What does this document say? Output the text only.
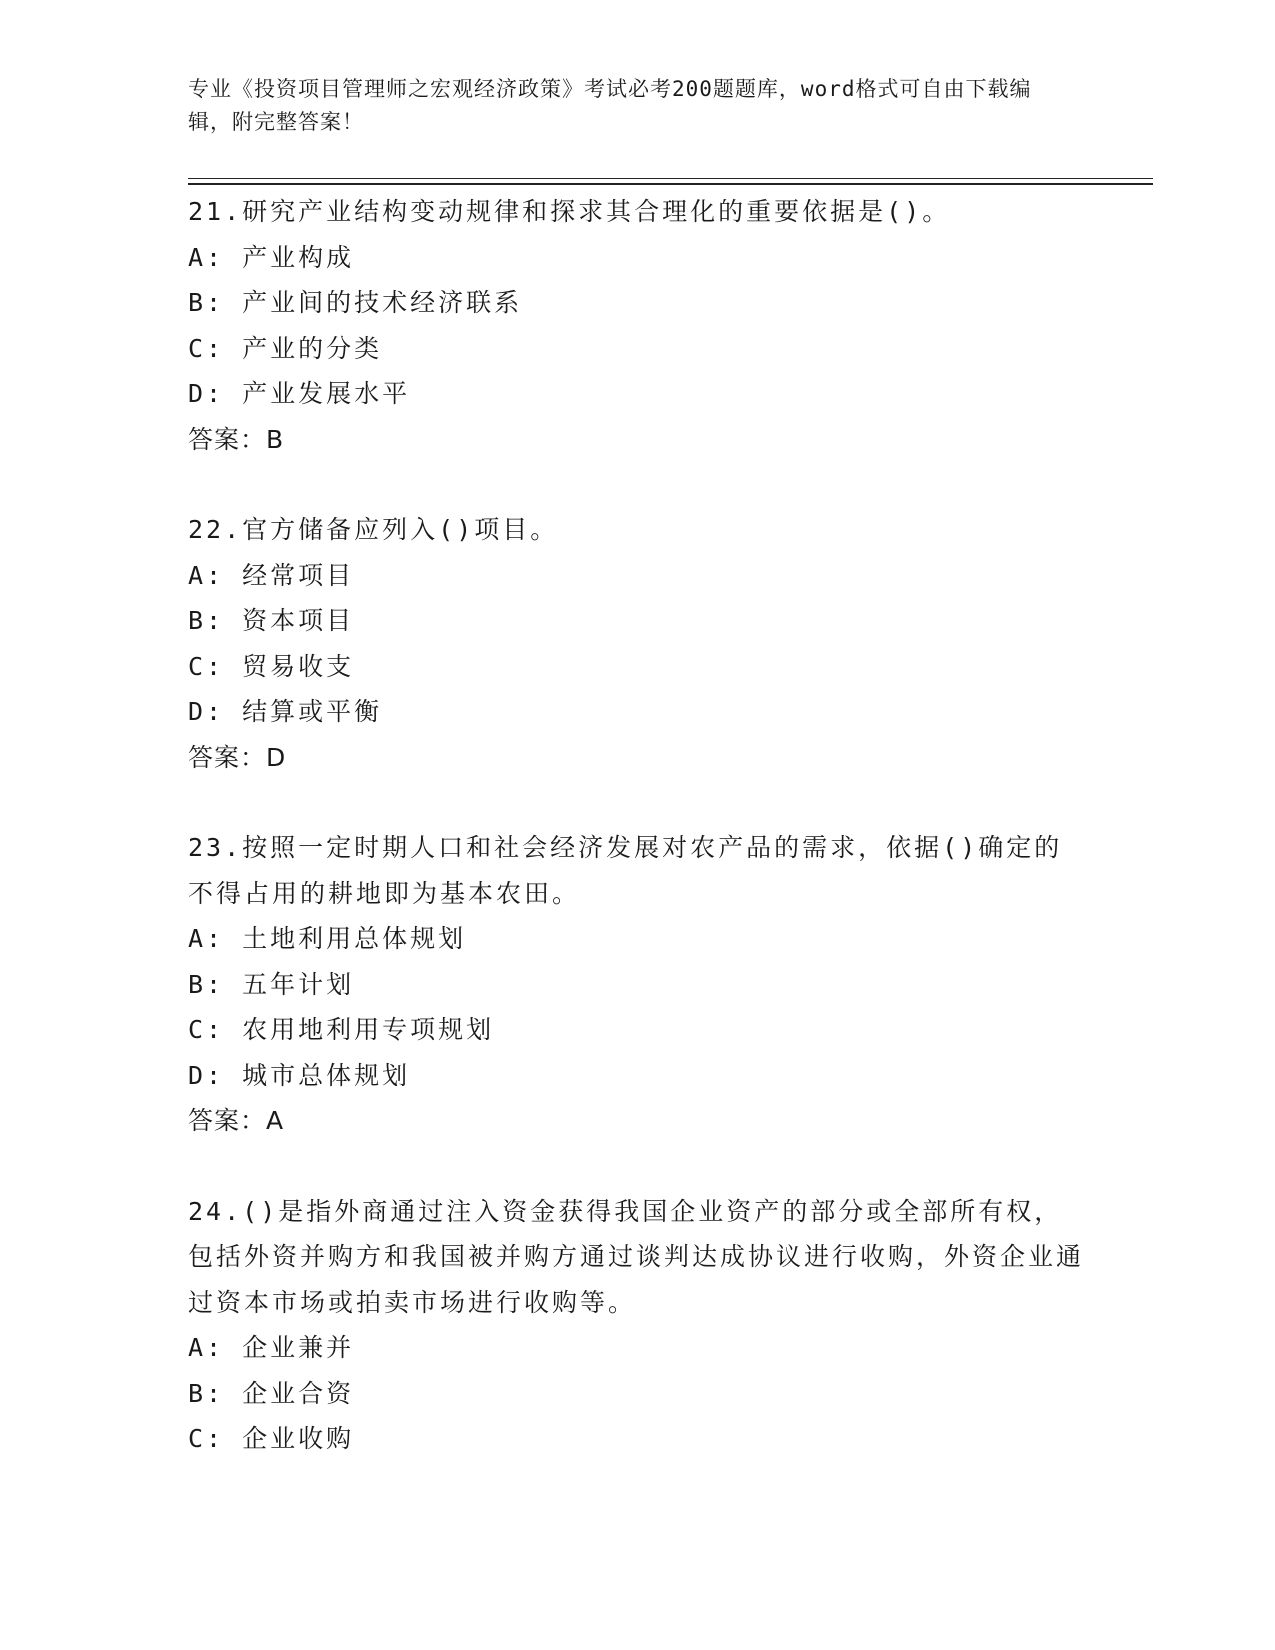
专业《投资项目管理师之宏观经济政策》考试必考200题题库，word格式可自由下载编辑，附完整答案！
21.研究产业结构变动规律和探求其合理化的重要依据是()。
A: 产业构成
B: 产业间的技术经济联系
C: 产业的分类
D: 产业发展水平
答案：B
22.官方储备应列入()项目。
A: 经常项目
B: 资本项目
C: 贸易收支
D: 结算或平衡
答案：D
23.按照一定时期人口和社会经济发展对农产品的需求，依据()确定的不得占用的耕地即为基本农田。
A: 土地利用总体规划
B: 五年计划
C: 农用地利用专项规划
D: 城市总体规划
答案：A
24.()是指外商通过注入资金获得我国企业资产的部分或全部所有权，包括外资并购方和我国被并购方通过谈判达成协议进行收购，外资企业通过资本市场或拍卖市场进行收购等。
A: 企业兼并
B: 企业合资
C: 企业收购
